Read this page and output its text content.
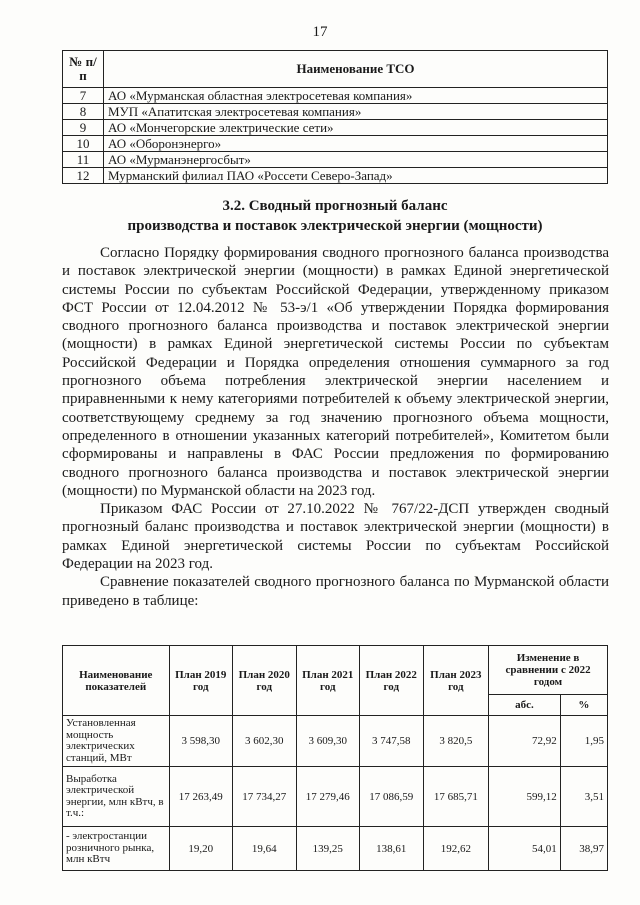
17
№ п/п	Наименование ТСО
7	АО «Мурманская областная электросетевая компания»
8	МУП «Апатитская электросетевая компания»
9	АО «Мончегорские электрические сети»
10	АО «Оборонэнерго»
11	АО «Мурманэнергосбыт»
12	Мурманский филиал ПАО «Россети Северо-Запад»
3.2. Сводный прогнозный баланс
производства и поставок электрической энергии (мощности)

Согласно Порядку формирования сводного прогнозного баланса производства и поставок электрической энергии (мощности) в рамках Единой энергетической системы России по субъектам Российской Федерации, утвержденному приказом ФСТ России от 12.04.2012 № 53-э/1 «Об утверждении Порядка формирования сводного прогнозного баланса производства и поставок электрической энергии (мощности) в рамках Единой энергетической системы России по субъектам Российской Федерации и Порядка определения отношения суммарного за год прогнозного объема потребления электрической энергии населением и приравненными к нему категориями потребителей к объему электрической энергии, соответствующему среднему за год значению прогнозного объема мощности, определенного в отношении указанных категорий потребителей», Комитетом были сформированы и направлены в ФАС России предложения по формированию сводного прогнозного баланса производства и поставок электрической энергии (мощности) по Мурманской области на 2023 год.

Приказом ФАС России от 27.10.2022 № 767/22-ДСП утвержден сводный прогнозный баланс производства и поставок электрической энергии (мощности) в рамках Единой энергетической системы России по субъектам Российской Федерации на 2023 год.

Сравнение показателей сводного прогнозного баланса по Мурманской области приведено в таблице:

Наименование показателей	План 2019 год	План 2020 год	План 2021 год	План 2022 год	План 2023 год	Изменение в сравнении с 2022 годом	
						абс.	%
Установленная мощность электрических станций, МВт	3 598,30	3 602,30	3 609,30	3 747,58	3 820,5	72,92	1,95
Выработка электрической энергии, млн кВтч, в т.ч.:	17 263,49	17 734,27	17 279,46	17 086,59	17 685,71	599,12	3,51
- электростанции розничного рынка, млн кВтч	19,20	19,64	139,25	138,61	192,62	54,01	38,97
